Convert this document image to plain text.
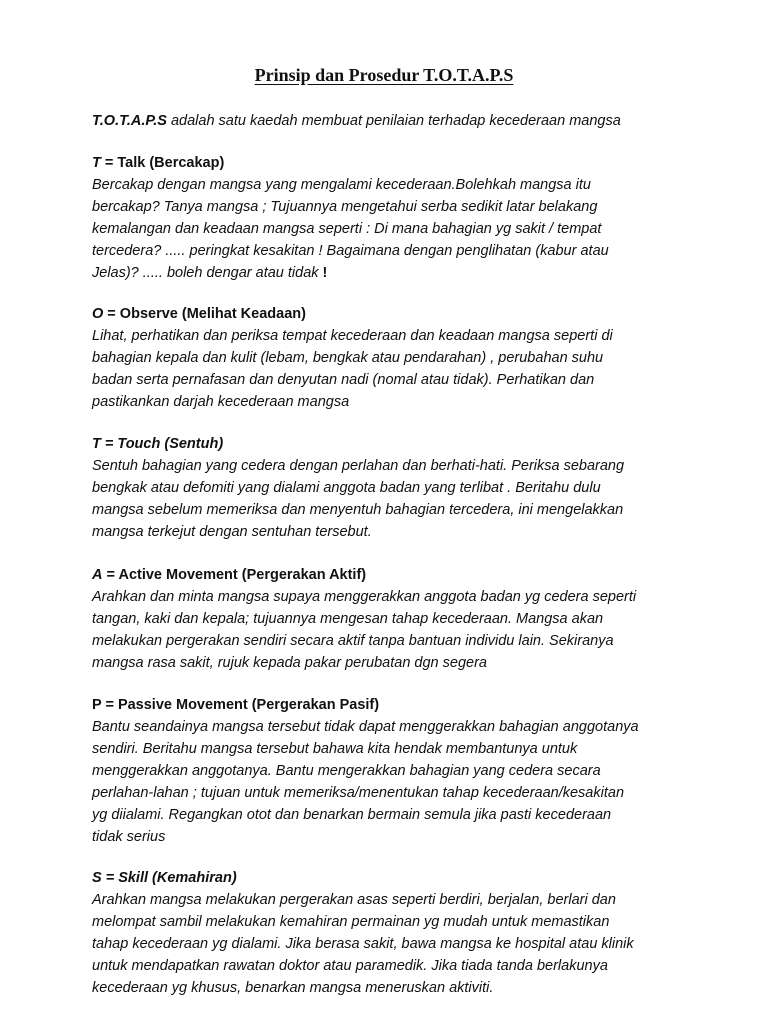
Prinsip dan Prosedur T.O.T.A.P.S
T.O.T.A.P.S adalah satu kaedah membuat penilaian terhadap kecederaan mangsa
T = Talk (Bercakap)
Bercakap dengan mangsa yang mengalami kecederaan.Bolehkah mangsa itu
bercakap? Tanya mangsa ; Tujuannya mengetahui serba sedikit latar belakang
kemalangan dan keadaan mangsa seperti : Di mana bahagian yg sakit / tempat
tercedera? ..... peringkat kesakitan ! Bagaimana dengan penglihatan (kabur atau
Jelas)? ..... boleh dengar atau tidak !
O = Observe (Melihat Keadaan)
Lihat, perhatikan dan periksa tempat kecederaan dan keadaan mangsa seperti di
bahagian kepala dan kulit (lebam, bengkak atau pendarahan) , perubahan suhu
badan serta pernafasan dan denyutan nadi (nomal atau tidak). Perhatikan dan
pastikankan darjah kecederaan mangsa
T = Touch (Sentuh)
Sentuh bahagian yang cedera dengan perlahan dan berhati-hati. Periksa sebarang
bengkak atau defomiti yang dialami anggota badan yang terlibat . Beritahu dulu
mangsa sebelum memeriksa dan menyentuh bahagian tercedera, ini mengelakkan
mangsa terkejut dengan sentuhan tersebut.
A = Active Movement (Pergerakan Aktif)
Arahkan dan minta mangsa supaya menggerakkan anggota badan yg cedera seperti
tangan, kaki dan kepala; tujuannya mengesan tahap kecederaan. Mangsa akan
melakukan pergerakan sendiri secara aktif tanpa bantuan individu lain. Sekiranya
mangsa rasa sakit, rujuk kepada pakar perubatan dgn segera
P = Passive Movement (Pergerakan Pasif)
Bantu seandainya mangsa tersebut tidak dapat menggerakkan bahagian anggotanya
sendiri. Beritahu mangsa tersebut bahawa kita hendak membantunya untuk
menggerakkan anggotanya. Bantu mengerakkan bahagian yang cedera secara
perlahan-lahan ; tujuan untuk memeriksa/menentukan tahap kecederaan/kesakitan
yg diialami. Regangkan otot dan benarkan bermain semula jika pasti kecederaan
tidak serius
S = Skill (Kemahiran)
Arahkan mangsa melakukan pergerakan asas seperti berdiri, berjalan, berlari dan
melompat sambil melakukan kemahiran permainan yg mudah untuk memastikan
tahap kecederaan yg dialami. Jika berasa sakit, bawa mangsa ke hospital atau klinik
untuk mendapatkan rawatan doktor atau paramedik. Jika tiada tanda berlakunya
kecederaan yg khusus, benarkan mangsa meneruskan aktiviti.
